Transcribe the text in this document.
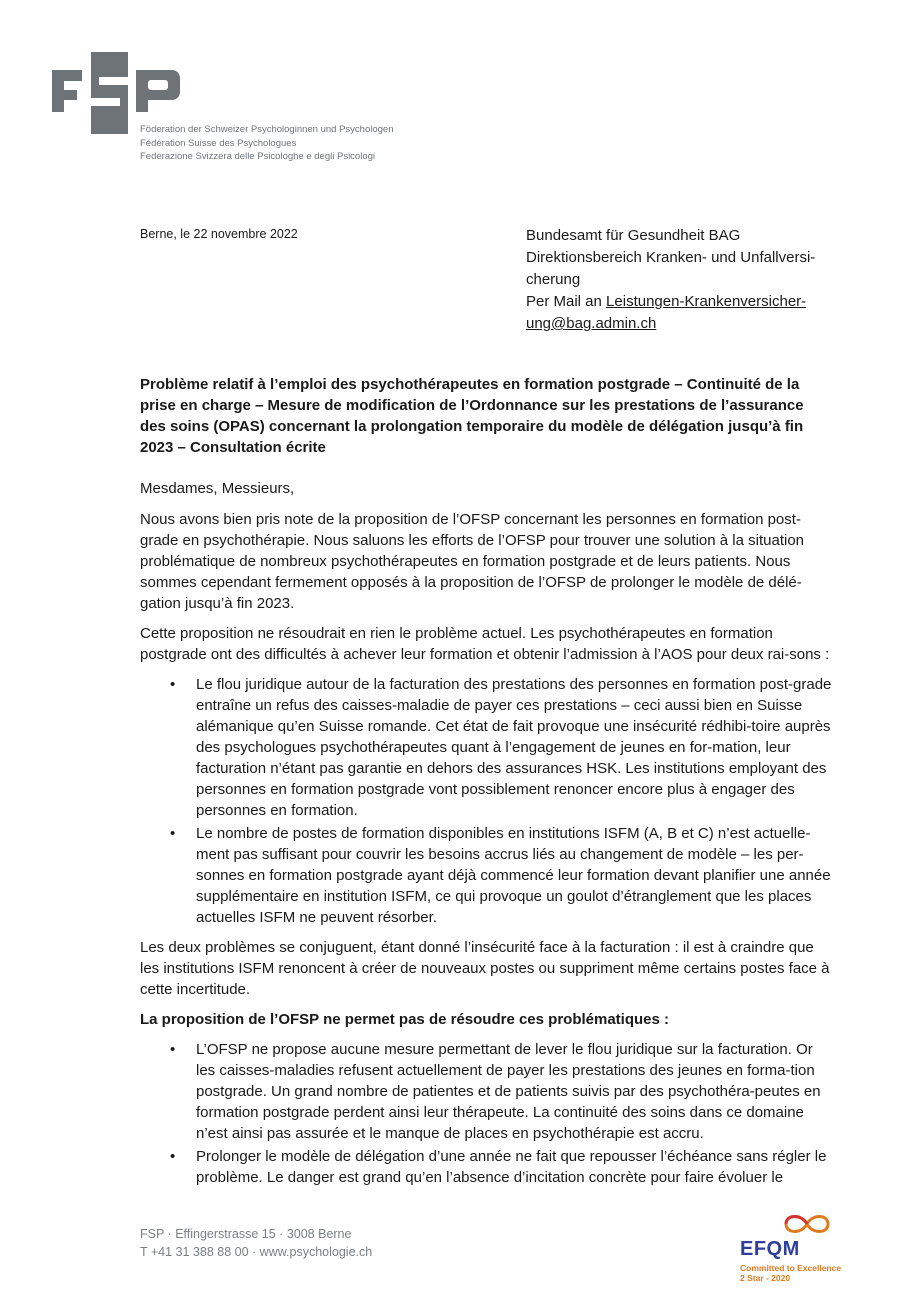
Föderation der Schweizer Psychologinnen und Psychologen
Fédération Suisse des Psychologues
Federazione Svizzera delle Psicologhe e degli Psicologi
Berne, le 22 novembre 2022	Bundesamt für Gesundheit BAG
Direktionsbereich Kranken- und Unfallversi-
cherung
Per Mail an Leistungen-Krankenversicher-
ung@bag.admin.ch

Problème relatif à l’emploi des psychothérapeutes en formation postgrade – Continuité de la prise en charge – Mesure de modification de l’Ordonnance sur les prestations de l’assurance des soins (OPAS) concernant la prolongation temporaire du modèle de délégation jusqu’à fin 2023 – Consultation écrite

Mesdames, Messieurs,

Nous avons bien pris note de la proposition de l’OFSP concernant les personnes en formation post-grade en psychothérapie. Nous saluons les efforts de l’OFSP pour trouver une solution à la situation problématique de nombreux psychothérapeutes en formation postgrade et de leurs patients. Nous sommes cependant fermement opposés à la proposition de l’OFSP de prolonger le modèle de délé-gation jusqu’à fin 2023.

Cette proposition ne résoudrait en rien le problème actuel. Les psychothérapeutes en formation postgrade ont des difficultés à achever leur formation et obtenir l’admission à l’AOS pour deux rai-sons :

• Le flou juridique autour de la facturation des prestations des personnes en formation post-grade entraîne un refus des caisses-maladie de payer ces prestations – ceci aussi bien en Suisse alémanique qu’en Suisse romande. Cet état de fait provoque une insécurité rédhibi-toire auprès des psychologues psychothérapeutes quant à l’engagement de jeunes en for-mation, leur facturation n’étant pas garantie en dehors des assurances HSK. Les institutions employant des personnes en formation postgrade vont possiblement renoncer encore plus à engager des personnes en formation.
• Le nombre de postes de formation disponibles en institutions ISFM (A, B et C) n’est actuelle-ment pas suffisant pour couvrir les besoins accrus liés au changement de modèle – les per-sonnes en formation postgrade ayant déjà commencé leur formation devant planifier une année supplémentaire en institution ISFM, ce qui provoque un goulot d’étranglement que les places actuelles ISFM ne peuvent résorber.

Les deux problèmes se conjuguent, étant donné l’insécurité face à la facturation : il est à craindre que les institutions ISFM renoncent à créer de nouveaux postes ou suppriment même certains postes face à cette incertitude.

La proposition de l’OFSP ne permet pas de résoudre ces problématiques :

• L’OFSP ne propose aucune mesure permettant de lever le flou juridique sur la facturation. Or les caisses-maladies refusent actuellement de payer les prestations des jeunes en forma-tion postgrade. Un grand nombre de patientes et de patients suivis par des psychothéra-peutes en formation postgrade perdent ainsi leur thérapeute. La continuité des soins dans ce domaine n’est ainsi pas assurée et le manque de places en psychothérapie est accru.
• Prolonger le modèle de délégation d’une année ne fait que repousser l’échéance sans régler le problème. Le danger est grand qu’en l’absence d’incitation concrète pour faire évoluer le
FSP · Effingerstrasse 15 · 3008 Berne
T +41 31 388 88 00 · www.psychologie.ch	EFQM
Committed to Excellence
2 Star - 2020
